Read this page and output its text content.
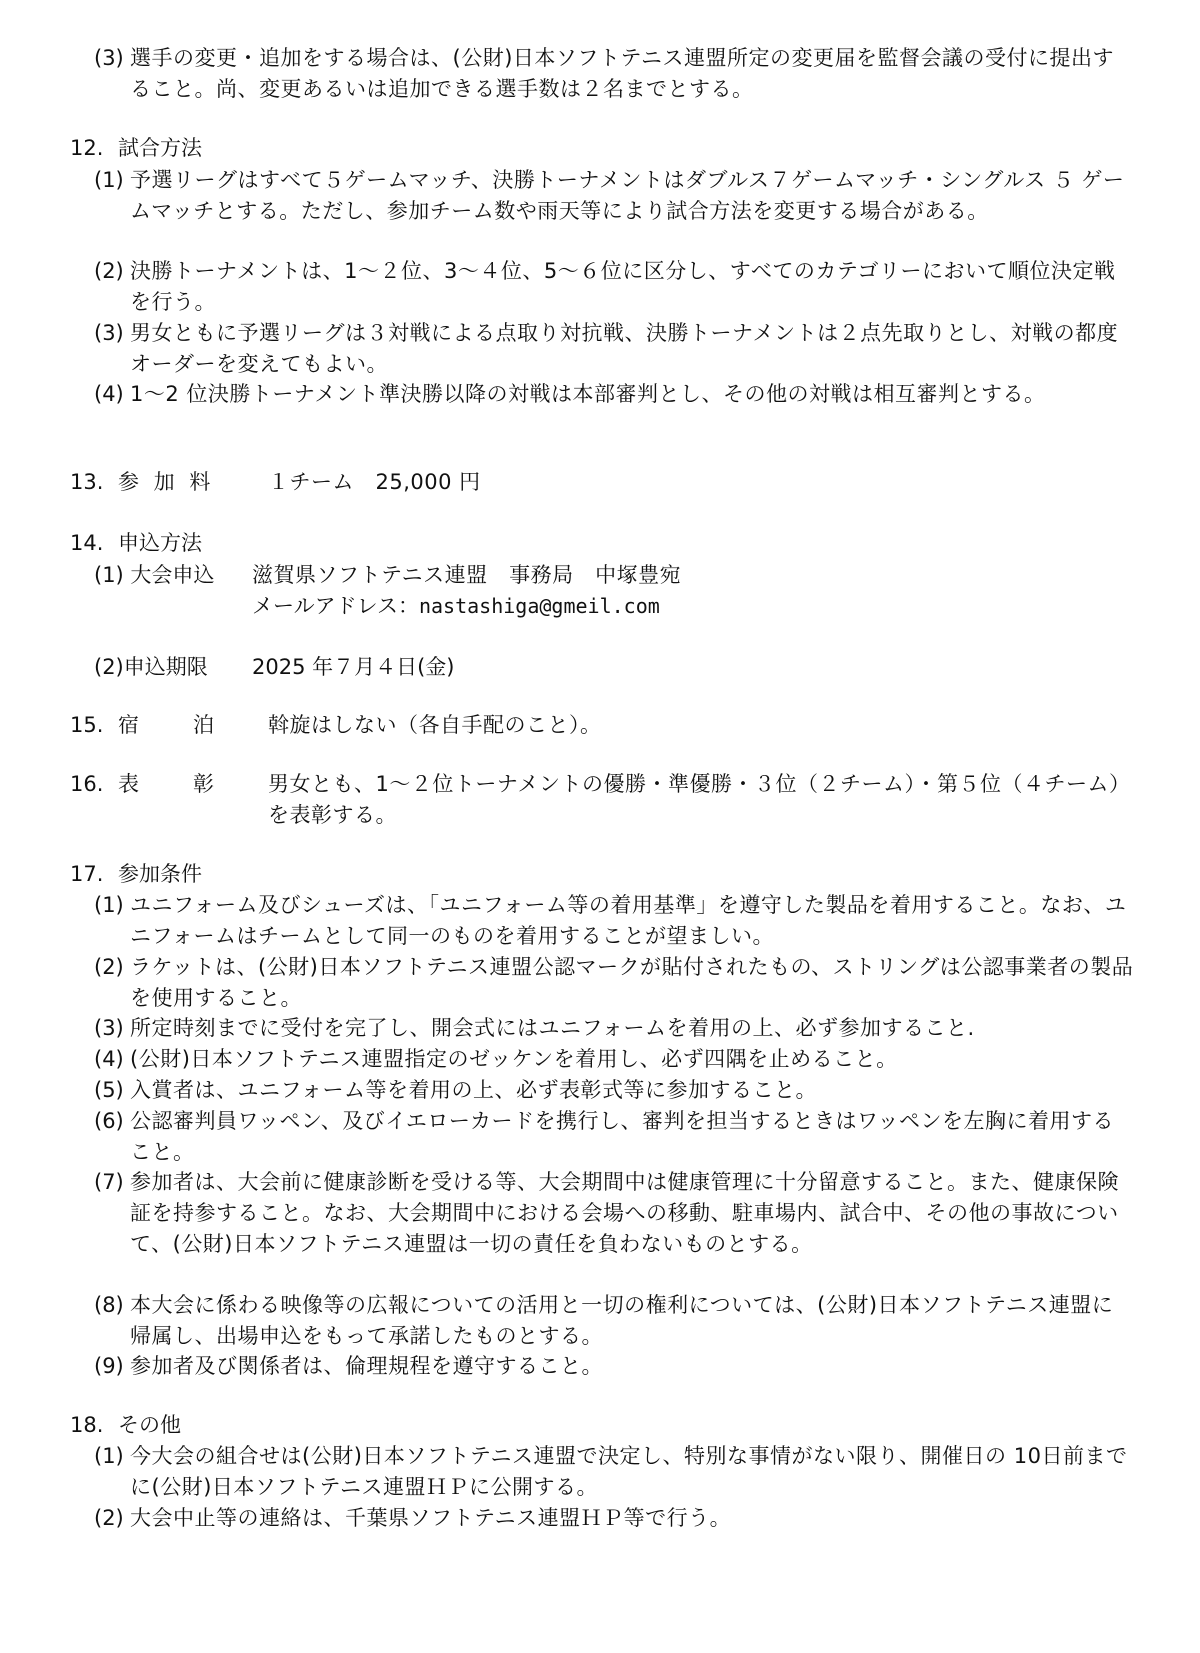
(3) 選手の変更・追加をする場合は、(公財)日本ソフトテニス連盟所定の変更届を監督会議の受付に提出すること。尚、変更あるいは追加できる選手数は２名までとする。
12. 試合方法
(1) 予選リーグはすべて５ゲームマッチ、決勝トーナメントはダブルス７ゲームマッチ・シングルス ５ ゲームマッチとする。ただし、参加チーム数や雨天等により試合方法を変更する場合がある。
(2) 決勝トーナメントは、1〜２位、3〜４位、5〜６位に区分し、すべてのカテゴリーにおいて順位決定戦を行う。
(3) 男女ともに予選リーグは３対戦による点取り対抗戦、決勝トーナメントは２点先取りとし、対戦の都度オーダーを変えてもよい。
(4) 1〜2 位決勝トーナメント準決勝以降の対戦は本部審判とし、その他の対戦は相互審判とする。
13. 参 加 料	１チーム　25,000 円
14. 申込方法
(1) 大会申込 滋賀県ソフトテニス連盟　事務局　中塚豊宛
メールアドレス：nastashiga@gmeil.com
(2)申込期限 2025 年７月４日(金)
15. 宿　　泊	斡旋はしない（各自手配のこと）。
16. 表　　彰	男女とも、1〜２位トーナメントの優勝・準優勝・３位（２チーム）・第５位（４チーム）を表彰する。
17. 参加条件
(1) ユニフォーム及びシューズは、「ユニフォーム等の着用基準」を遵守した製品を着用すること。なお、ユニフォームはチームとして同一のものを着用することが望ましい。
(2) ラケットは、(公財)日本ソフトテニス連盟公認マークが貼付されたもの、ストリングは公認事業者の製品を使用すること。
(3) 所定時刻までに受付を完了し、開会式にはユニフォームを着用の上、必ず参加すること.
(4) (公財)日本ソフトテニス連盟指定のゼッケンを着用し、必ず四隅を止めること。
(5) 入賞者は、ユニフォーム等を着用の上、必ず表彰式等に参加すること。
(6) 公認審判員ワッペン、及びイエローカードを携行し、審判を担当するときはワッペンを左胸に着用すること。
(7) 参加者は、大会前に健康診断を受ける等、大会期間中は健康管理に十分留意すること。また、健康保険証を持参すること。なお、大会期間中における会場への移動、駐車場内、試合中、その他の事故について、(公財)日本ソフトテニス連盟は一切の責任を負わないものとする。
(8) 本大会に係わる映像等の広報についての活用と一切の権利については、(公財)日本ソフトテニス連盟に帰属し、出場申込をもって承諾したものとする。
(9) 参加者及び関係者は、倫理規程を遵守すること。
18. その他
(1) 今大会の組合せは(公財)日本ソフトテニス連盟で決定し、特別な事情がない限り、開催日の 10日前までに(公財)日本ソフトテニス連盟ＨＰに公開する。
(2) 大会中止等の連絡は、千葉県ソフトテニス連盟ＨＰ等で行う。
